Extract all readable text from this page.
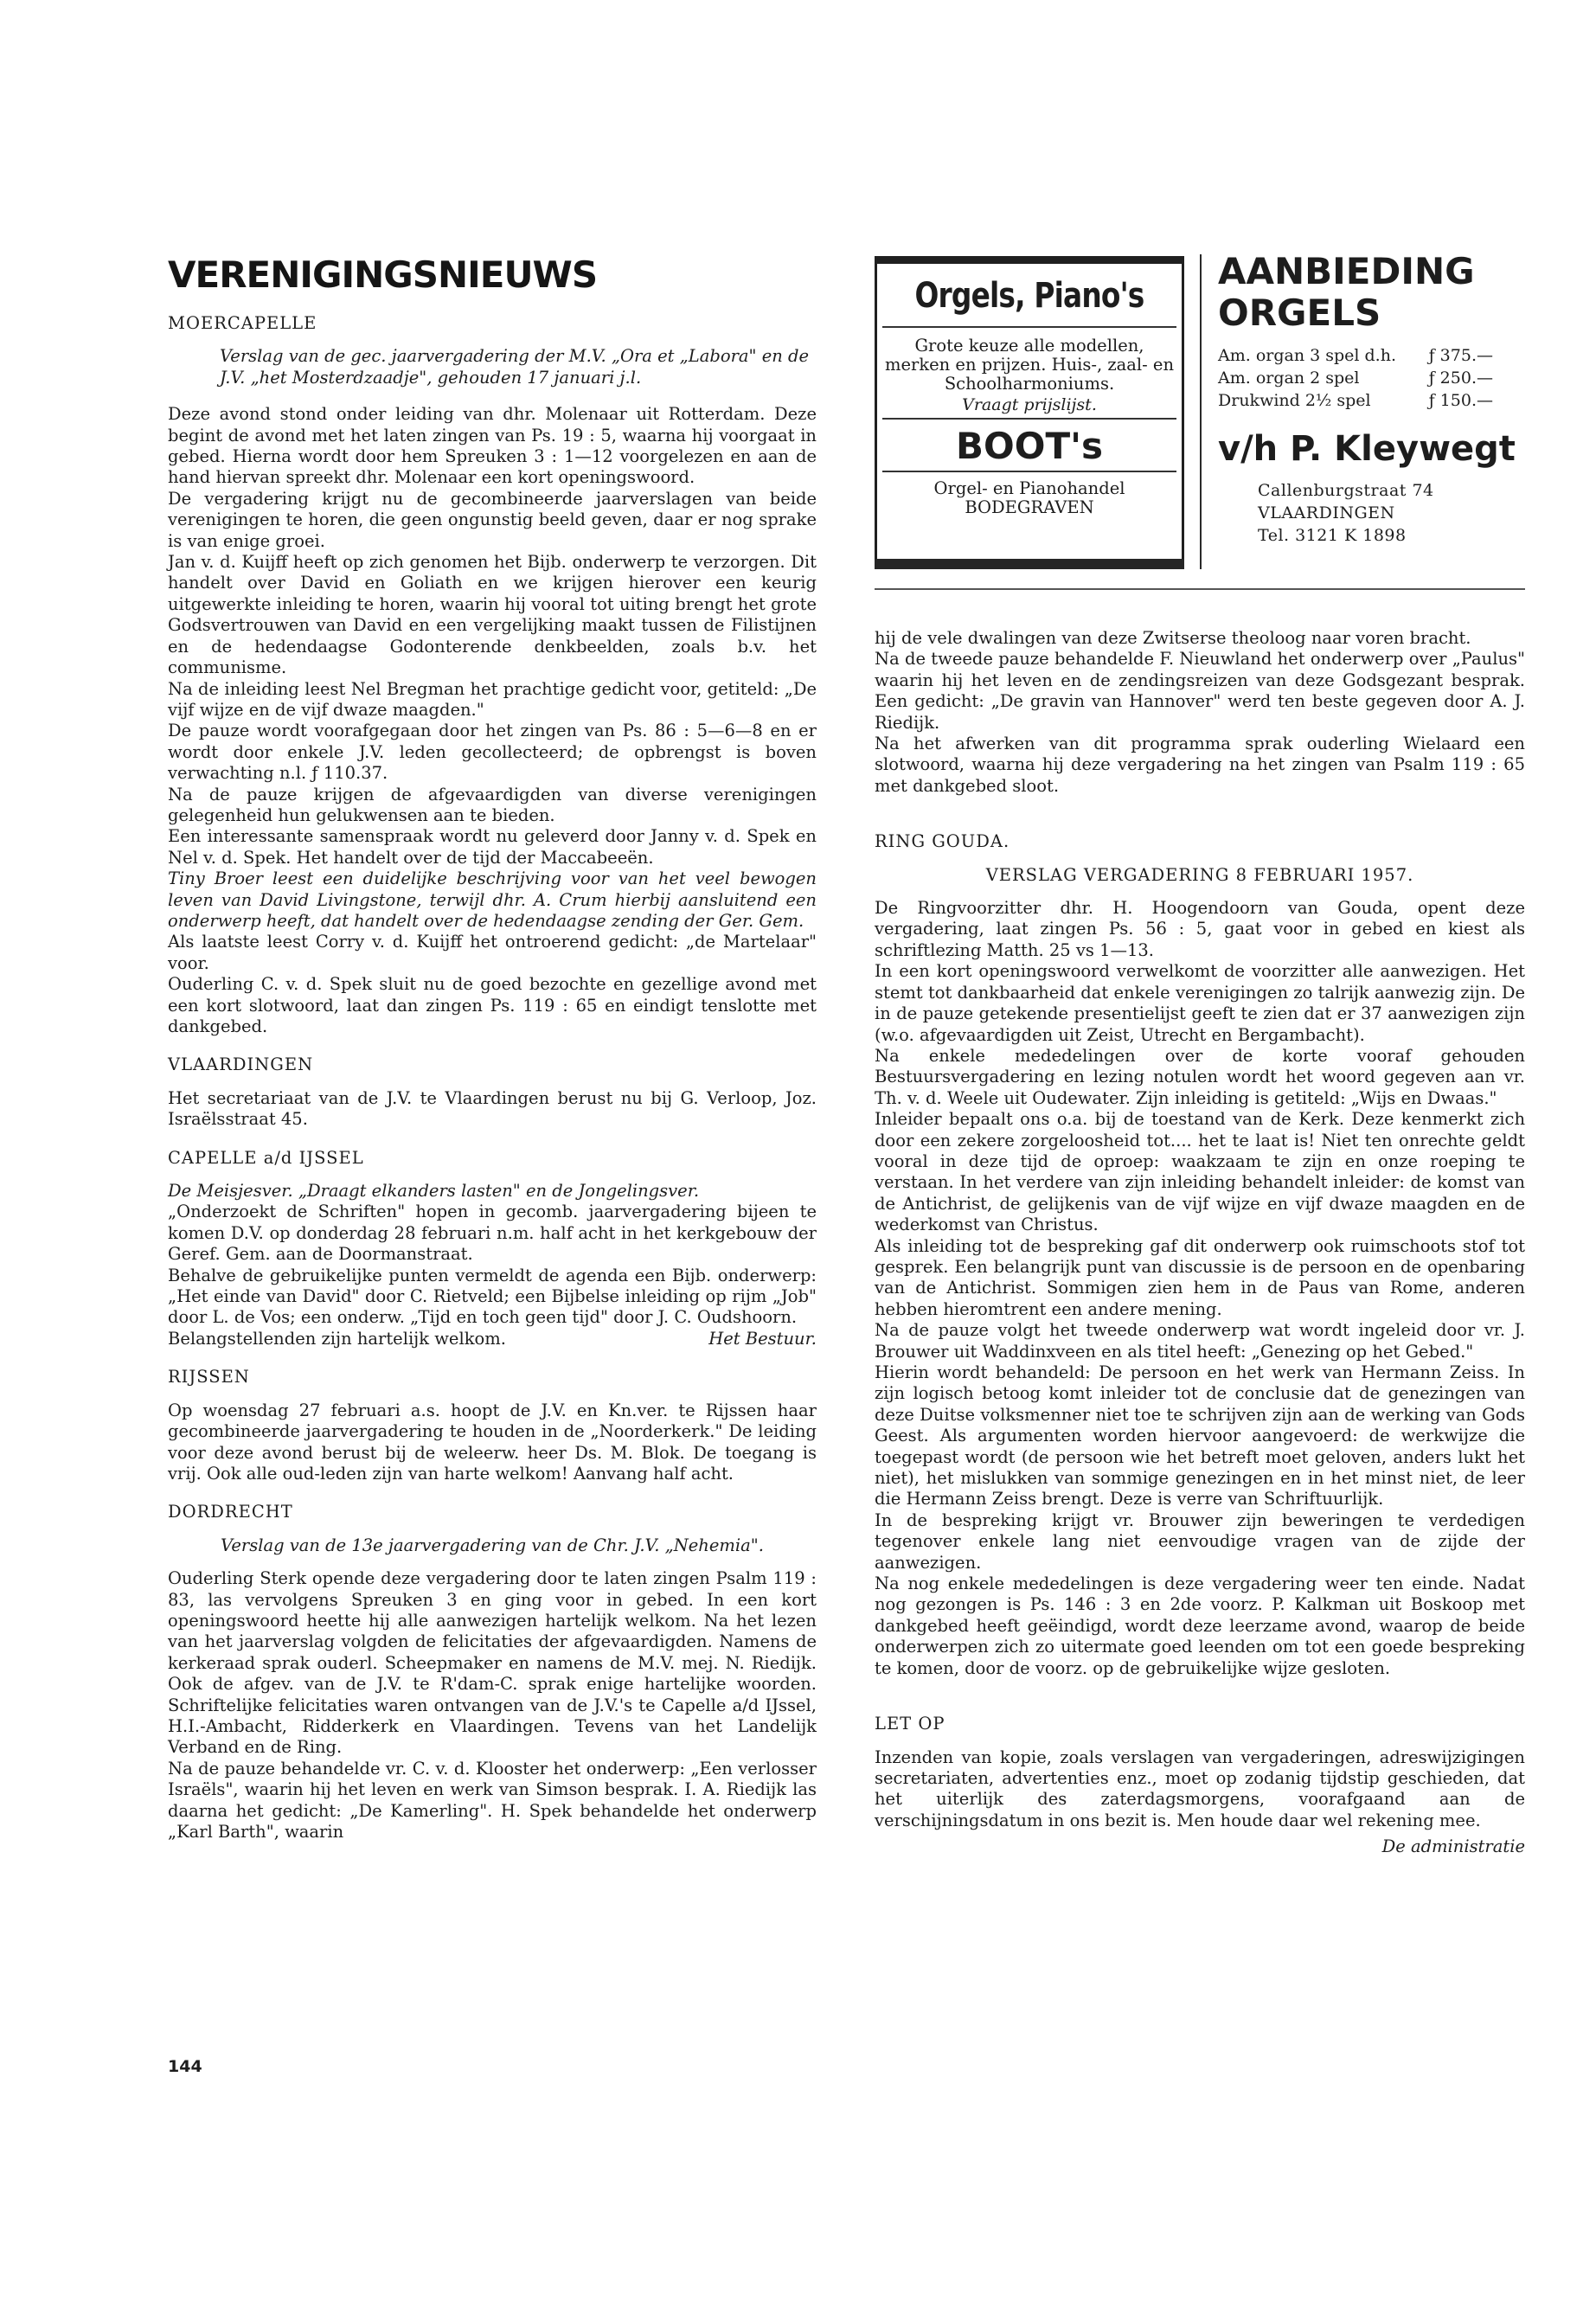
VERENIGINGSNIEUWS
MOERCAPELLE

Verslag van de gec. jaarvergadering der M.V. „Ora et „Labora" en de J.V. „het Mosterdzaadje", gehouden 17 januari j.l.

Deze avond stond onder leiding van dhr. Molenaar uit Rotterdam. Deze begint de avond met het laten zingen van Ps. 19 : 5, waarna hij voorgaat in gebed. Hierna wordt door hem Spreuken 3 : 1—12 voorgelezen en aan de hand hiervan spreekt dhr. Molenaar een kort openingswoord.

De vergadering krijgt nu de gecombineerde jaarverslagen van beide verenigingen te horen, die geen ongunstig beeld geven, daar er nog sprake is van enige groei.

Jan v. d. Kuijff heeft op zich genomen het Bijb. onderwerp te verzorgen. Dit handelt over David en Goliath en we krijgen hierover een keurig uitgewerkte inleiding te horen, waarin hij vooral tot uiting brengt het grote Godsvertrouwen van David en een vergelijking maakt tussen de Filistijnen en de hedendaagse Godonterende denkbeelden, zoals b.v. het communisme.

Na de inleiding leest Nel Bregman het prachtige gedicht voor, getiteld: „De vijf wijze en de vijf dwaze maagden."

De pauze wordt voorafgegaan door het zingen van Ps. 86 : 5—6—8 en er wordt door enkele J.V. leden gecollecteerd; de opbrengst is boven verwachting n.l. ƒ 110.37.

Na de pauze krijgen de afgevaardigden van diverse verenigingen gelegenheid hun gelukwensen aan te bieden.

Een interessante samenspraak wordt nu geleverd door Janny v. d. Spek en Nel v. d. Spek. Het handelt over de tijd der Maccabeeën.

Tiny Broer leest een duidelijke beschrijving voor van het veel bewogen leven van David Livingstone, terwijl dhr. A. Crum hierbij aansluitend een onderwerp heeft, dat handelt over de hedendaagse zending der Ger. Gem.

Als laatste leest Corry v. d. Kuijff het ontroerend gedicht: „de Martelaar" voor.

Ouderling C. v. d. Spek sluit nu de goed bezochte en gezellige avond met een kort slotwoord, laat dan zingen Ps. 119 : 65 en eindigt tenslotte met dankgebed.

VLAARDINGEN

Het secretariaat van de J.V. te Vlaardingen berust nu bij G. Verloop, Joz. Israëlsstraat 45.

CAPELLE a/d IJSSEL

De Meisjesver. „Draagt elkanders lasten" en de Jongelingsver.

„Onderzoekt de Schriften" hopen in gecomb. jaarvergadering bijeen te komen D.V. op donderdag 28 februari n.m. half acht in het kerkgebouw der Geref. Gem. aan de Doormanstraat.

Behalve de gebruikelijke punten vermeldt de agenda een Bijb. onderwerp: „Het einde van David" door C. Rietveld; een Bijbelse inleiding op rijm „Job" door L. de Vos; een onderw. „Tijd en toch geen tijd" door J. C. Oudshoorn.

Belangstellenden zijn hartelijk welkom.	Het Bestuur.
RIJSSEN

Op woensdag 27 februari a.s. hoopt de J.V. en Kn.ver. te Rijssen haar gecombineerde jaarvergadering te houden in de „Noorderkerk." De leiding voor deze avond berust bij de weleerw. heer Ds. M. Blok. De toegang is vrij. Ook alle oud-leden zijn van harte welkom! Aanvang half acht.

DORDRECHT

Verslag van de 13e jaarvergadering van de Chr. J.V. „Nehemia".

Ouderling Sterk opende deze vergadering door te laten zingen Psalm 119 : 83, las vervolgens Spreuken 3 en ging voor in gebed. In een kort openingswoord heette hij alle aanwezigen hartelijk welkom. Na het lezen van het jaarverslag volgden de felicitaties der afgevaardigden. Namens de kerkeraad sprak ouderl. Scheepmaker en namens de M.V. mej. N. Riedijk. Ook de afgev. van de J.V. te R'dam-C. sprak enige hartelijke woorden. Schriftelijke felicitaties waren ontvangen van de J.V.'s te Capelle a/d IJssel, H.I.-Ambacht, Ridderkerk en Vlaardingen. Tevens van het Landelijk Verband en de Ring.

Na de pauze behandelde vr. C. v. d. Klooster het onderwerp: „Een verlosser Israëls", waarin hij het leven en werk van Simson besprak. I. A. Riedijk las daarna het gedicht: „De Kamerling". H. Spek behandelde het onderwerp „Karl Barth", waarin

Orgels, Piano's
Grote keuze alle modellen, merken en prijzen. Huis-, zaal- en Schoolharmoniums.
Vraagt prijslijst.
BOOT's
Orgel- en Pianohandel
BODEGRAVEN
AANBIEDING
ORGELS
Am. organ 3 spel d.h.	ƒ 375.—
Am. organ 2 spel	ƒ 250.—
Drukwind 2½ spel	ƒ 150.—
v/h P. Kleywegt
Callenburgstraat 74
VLAARDINGEN
Tel. 3121 K 1898

hij de vele dwalingen van deze Zwitserse theoloog naar voren bracht.

Na de tweede pauze behandelde F. Nieuwland het onderwerp over „Paulus" waarin hij het leven en de zendingsreizen van deze Godsgezant besprak. Een gedicht: „De gravin van Hannover" werd ten beste gegeven door A. J. Riedijk.

Na het afwerken van dit programma sprak ouderling Wielaard een slotwoord, waarna hij deze vergadering na het zingen van Psalm 119 : 65 met dankgebed sloot.

RING GOUDA.
VERSLAG VERGADERING 8 FEBRUARI 1957.

De Ringvoorzitter dhr. H. Hoogendoorn van Gouda, opent deze vergadering, laat zingen Ps. 56 : 5, gaat voor in gebed en kiest als schriftlezing Matth. 25 vs 1—13.

In een kort openingswoord verwelkomt de voorzitter alle aanwezigen. Het stemt tot dankbaarheid dat enkele verenigingen zo talrijk aanwezig zijn. De in de pauze getekende presentielijst geeft te zien dat er 37 aanwezigen zijn (w.o. afgevaardigden uit Zeist, Utrecht en Bergambacht).

Na enkele mededelingen over de korte vooraf gehouden Bestuursvergadering en lezing notulen wordt het woord gegeven aan vr. Th. v. d. Weele uit Oudewater. Zijn inleiding is getiteld: „Wijs en Dwaas."

Inleider bepaalt ons o.a. bij de toestand van de Kerk. Deze kenmerkt zich door een zekere zorgeloosheid tot.... het te laat is! Niet ten onrechte geldt vooral in deze tijd de oproep: waakzaam te zijn en onze roeping te verstaan. In het verdere van zijn inleiding behandelt inleider: de komst van de Antichrist, de gelijkenis van de vijf wijze en vijf dwaze maagden en de wederkomst van Christus.

Als inleiding tot de bespreking gaf dit onderwerp ook ruimschoots stof tot gesprek. Een belangrijk punt van discussie is de persoon en de openbaring van de Antichrist. Sommigen zien hem in de Paus van Rome, anderen hebben hieromtrent een andere mening.

Na de pauze volgt het tweede onderwerp wat wordt ingeleid door vr. J. Brouwer uit Waddinxveen en als titel heeft: „Genezing op het Gebed."

Hierin wordt behandeld: De persoon en het werk van Hermann Zeiss. In zijn logisch betoog komt inleider tot de conclusie dat de genezingen van deze Duitse volksmenner niet toe te schrijven zijn aan de werking van Gods Geest. Als argumenten worden hiervoor aangevoerd: de werkwijze die toegepast wordt (de persoon wie het betreft moet geloven, anders lukt het niet), het mislukken van sommige genezingen en in het minst niet, de leer die Hermann Zeiss brengt. Deze is verre van Schriftuurlijk.

In de bespreking krijgt vr. Brouwer zijn beweringen te verdedigen tegenover enkele lang niet eenvoudige vragen van de zijde der aanwezigen.

Na nog enkele mededelingen is deze vergadering weer ten einde. Nadat nog gezongen is Ps. 146 : 3 en 2de voorz. P. Kalkman uit Boskoop met dankgebed heeft geëindigd, wordt deze leerzame avond, waarop de beide onderwerpen zich zo uitermate goed leenden om tot een goede bespreking te komen, door de voorz. op de gebruikelijke wijze gesloten.

LET OP

Inzenden van kopie, zoals verslagen van vergaderingen, adreswijzigingen secretariaten, advertenties enz., moet op zodanig tijdstip geschieden, dat het uiterlijk des zaterdagsmorgens, voorafgaand aan de verschijningsdatum in ons bezit is. Men houde daar wel rekening mee.

De administratie

144
